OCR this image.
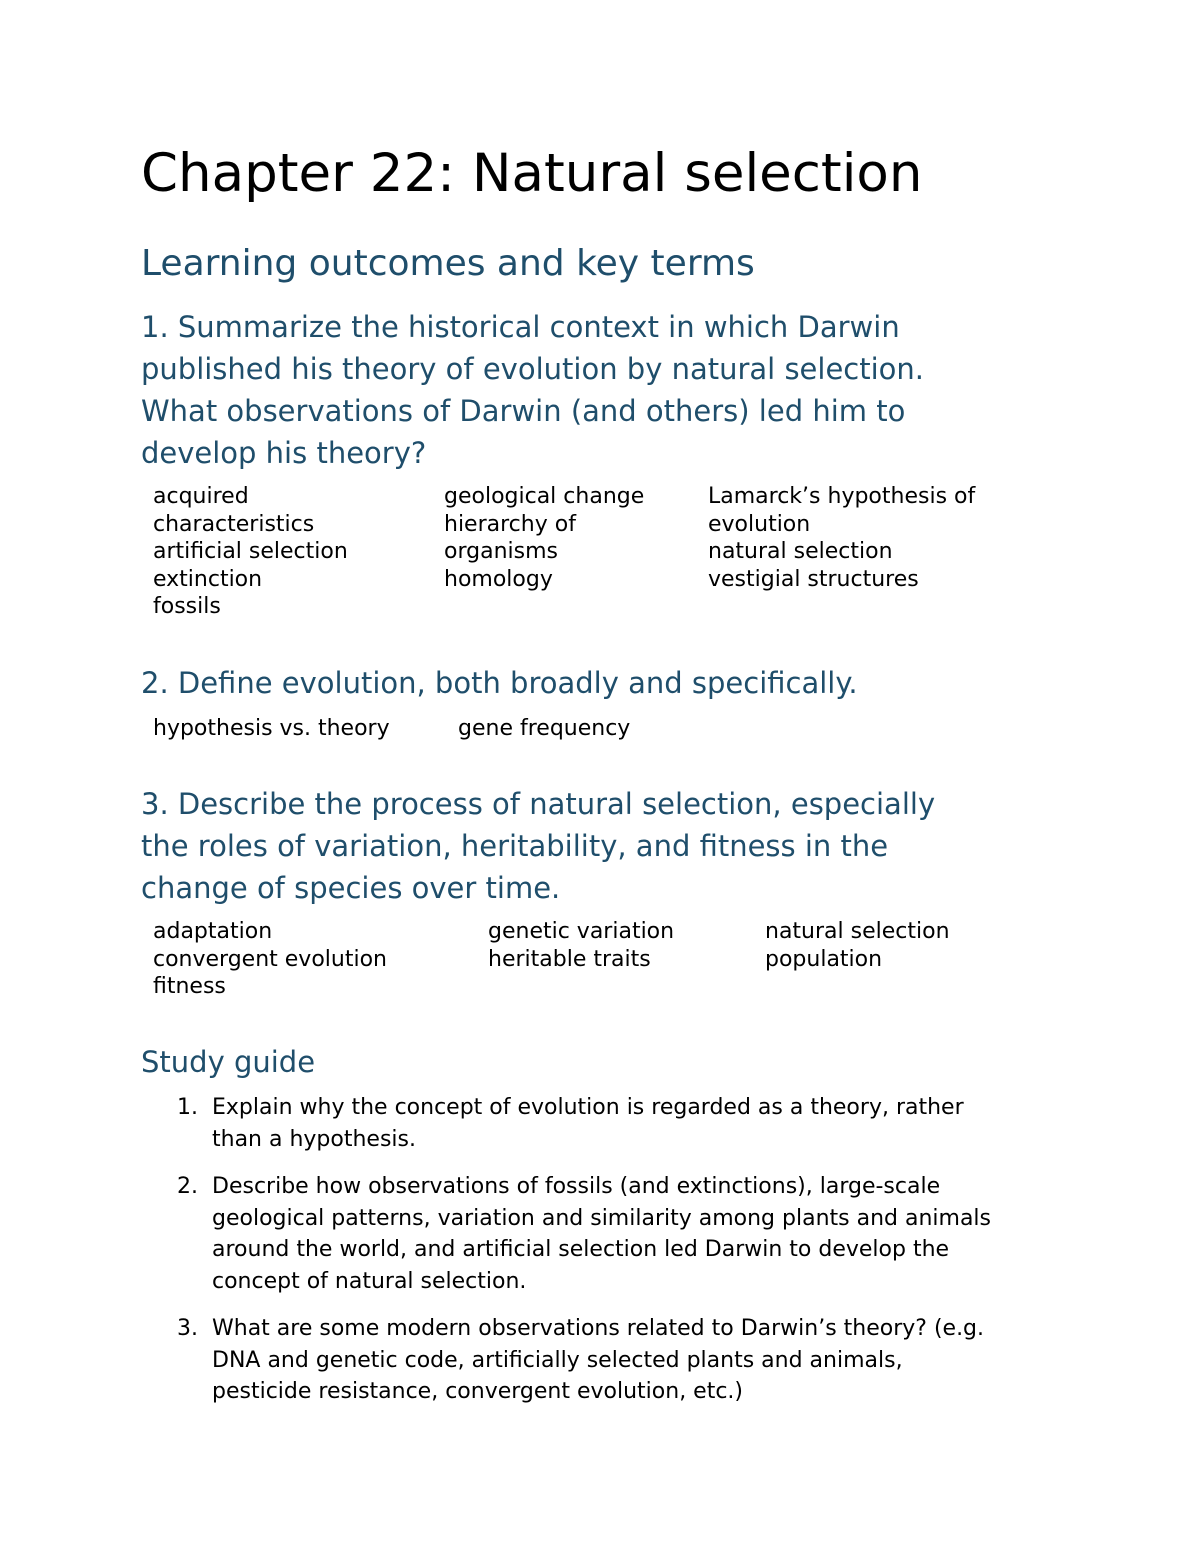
Chapter 22: Natural selection
Learning outcomes and key terms
1. Summarize the historical context in which Darwin
published his theory of evolution by natural selection.
What observations of Darwin (and others) led him to
develop his theory?
acquired
characteristics
artificial selection
extinction
fossils
geological change
hierarchy of
organisms
homology
Lamarck’s hypothesis of
evolution
natural selection
vestigial structures
2. Define evolution, both broadly and specifically.
hypothesis vs. theory	gene frequency
3. Describe the process of natural selection, especially
the roles of variation, heritability, and fitness in the
change of species over time.
adaptation
convergent evolution
fitness
genetic variation
heritable traits
natural selection
population
Study guide
1. Explain why the concept of evolution is regarded as a theory, rather
than a hypothesis.
2. Describe how observations of fossils (and extinctions), large-scale
geological patterns, variation and similarity among plants and animals
around the world, and artificial selection led Darwin to develop the
concept of natural selection.
3. What are some modern observations related to Darwin’s theory? (e.g.
DNA and genetic code, artificially selected plants and animals,
pesticide resistance, convergent evolution, etc.)
